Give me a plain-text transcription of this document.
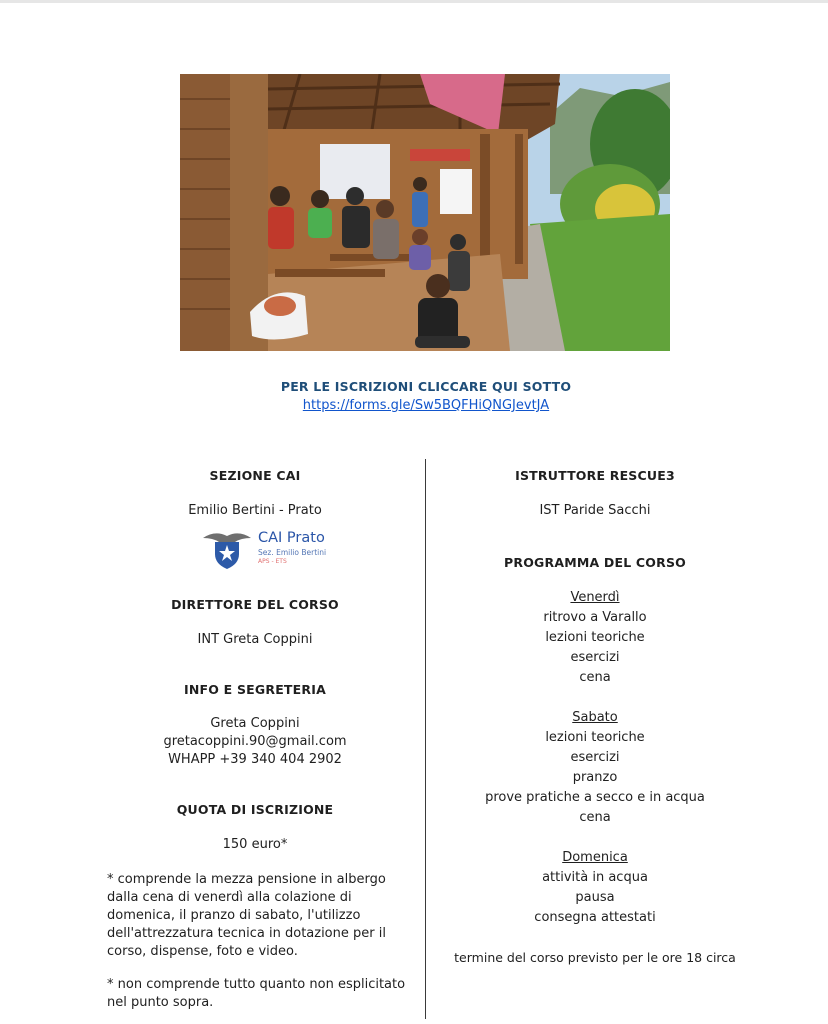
PER LE ISCRIZIONI CLICCARE QUI SOTTO
https://forms.gle/Sw5BQFHiQNGJevtJA
SEZIONE CAI
Emilio Bertini - Prato
CAI Prato
Sez. Emilio Bertini
APS - ETS
DIRETTORE DEL CORSO
INT Greta Coppini
INFO E SEGRETERIA
Greta Coppini
gretacoppini.90@gmail.com
WHAPP +39 340 404 2902
QUOTA DI ISCRIZIONE
150 euro*
* comprende la mezza pensione in albergo dalla cena di venerdì alla colazione di domenica, il pranzo di sabato, l'utilizzo dell'attrezzatura tecnica in dotazione per il corso, dispense, foto e video.
* non comprende tutto quanto non esplicitato nel punto sopra.
ISTRUTTORE RESCUE3
IST Paride Sacchi
PROGRAMMA DEL CORSO
Venerdì
ritrovo a Varallo
lezioni teoriche
esercizi
cena
Sabato
lezioni teoriche
esercizi
pranzo
prove pratiche a secco e in acqua
cena
Domenica
attività in acqua
pausa
consegna attestati
termine del corso previsto per le ore 18 circa
